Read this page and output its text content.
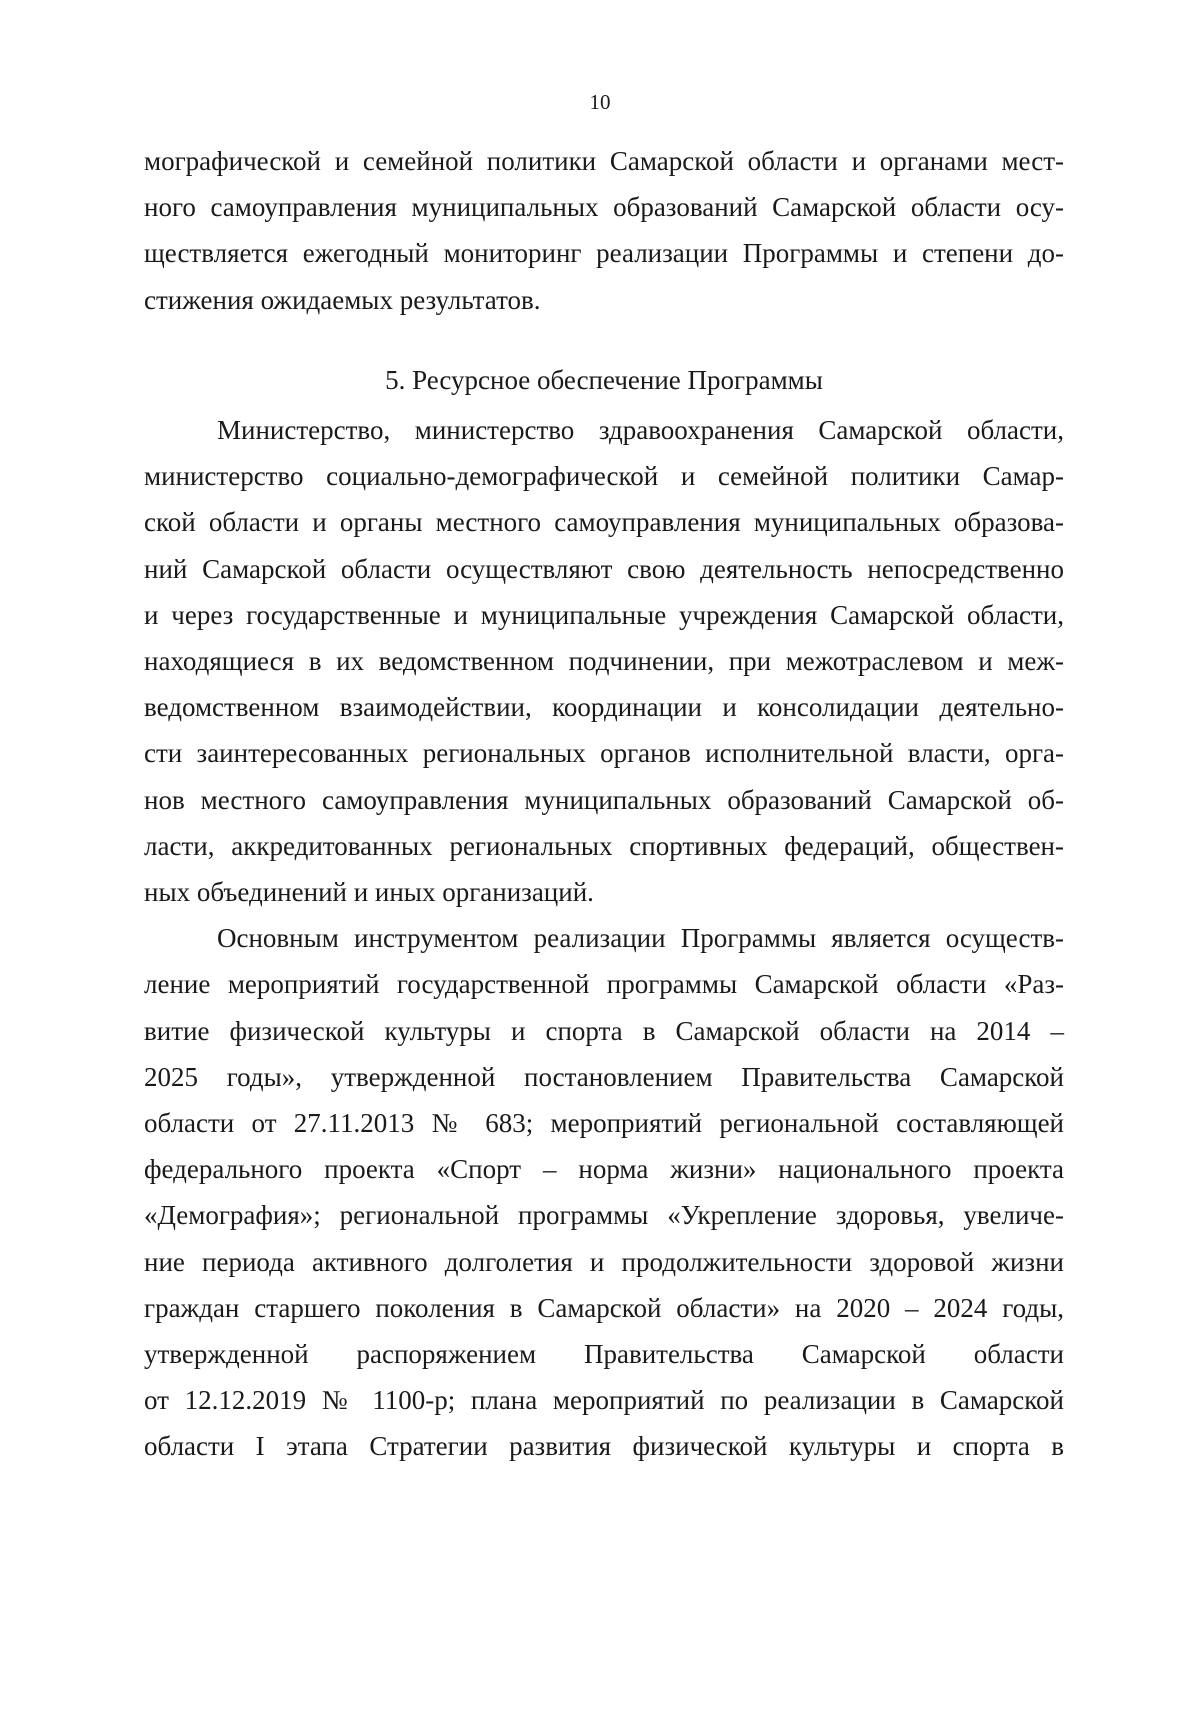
10
мографической и семейной политики Самарской области и органами мест-
ного самоуправления муниципальных образований Самарской области осу-
ществляется ежегодный мониторинг реализации Программы и степени до-
стижения ожидаемых результатов.
5. Ресурсное обеспечение Программы
Министерство, министерство здравоохранения Самарской области,
министерство социально-демографической и семейной политики Самар-
ской области и органы местного самоуправления муниципальных образова-
ний Самарской области осуществляют свою деятельность непосредственно
и через государственные и муниципальные учреждения Самарской области,
находящиеся в их ведомственном подчинении, при межотраслевом и меж-
ведомственном взаимодействии, координации и консолидации деятельно-
сти заинтересованных региональных органов исполнительной власти, орга-
нов местного самоуправления муниципальных образований Самарской об-
ласти, аккредитованных региональных спортивных федераций, обществен-
ных объединений и иных организаций.
Основным инструментом реализации Программы является осуществ-
ление мероприятий государственной программы Самарской области «Раз-
витие физической культуры и спорта в Самарской области на 2014 –
2025 годы», утвержденной постановлением Правительства Самарской
области от 27.11.2013 № 683; мероприятий региональной составляющей
федерального проекта «Спорт – норма жизни» национального проекта
«Демография»; региональной программы «Укрепление здоровья, увеличе-
ние периода активного долголетия и продолжительности здоровой жизни
граждан старшего поколения в Самарской области» на 2020 – 2024 годы,
утвержденной распоряжением Правительства Самарской области
от 12.12.2019 № 1100-р; плана мероприятий по реализации в Самарской
области I этапа Стратегии развития физической культуры и спорта в
